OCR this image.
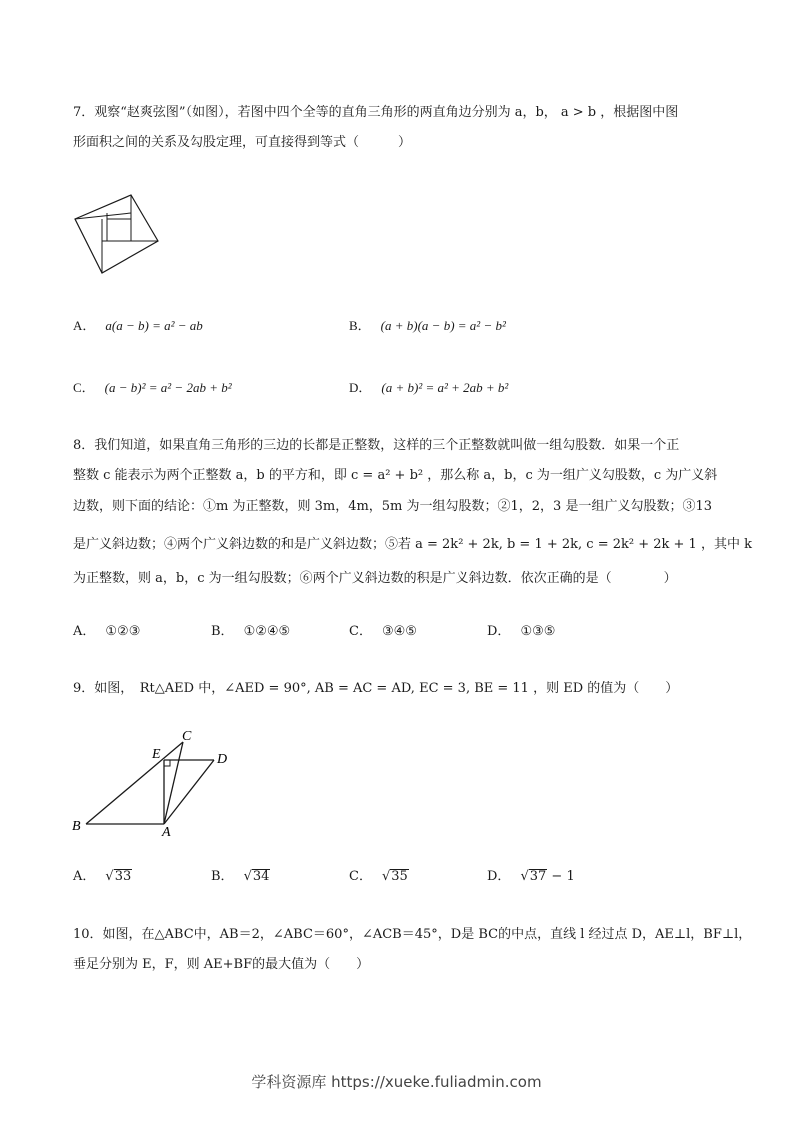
7．观察“赵爽弦图”（如图），若图中四个全等的直角三角形的两直角边分别为 a，b， a > b ，根据图中图
形面积之间的关系及勾股定理，可直接得到等式（　　　）
A． a(a − b) = a² − ab	B． (a + b)(a − b) = a² − b²
C． (a − b)² = a² − 2ab + b²	D． (a + b)² = a² + 2ab + b²
8．我们知道，如果直角三角形的三边的长都是正整数，这样的三个正整数就叫做一组勾股数．如果一个正
整数 c 能表示为两个正整数 a，b 的平方和，即 c = a² + b² ，那么称 a，b，c 为一组广义勾股数，c 为广义斜
边数，则下面的结论：①m 为正整数，则 3m，4m，5m 为一组勾股数；②1，2，3 是一组广义勾股数；③13
是广义斜边数；④两个广义斜边数的和是广义斜边数；⑤若 a = 2k² + 2k, b = 1 + 2k, c = 2k² + 2k + 1 ，其中 k
为正整数，则 a，b，c 为一组勾股数；⑥两个广义斜边数的积是广义斜边数．依次正确的是（　　　　）
A． ①②③	B． ①②④⑤	C． ③④⑤	D． ①③⑤
9．如图，　Rt△AED 中，∠AED = 90°, AB = AC = AD, EC = 3, BE = 11 ，则 ED 的值为（　　）
C
E	D
B	A
A． √33	B． √34	C． √35	D． √37 − 1
10．如图，在△ABC中，AB＝2，∠ABC＝60°，∠ACB＝45°，D是 BC的中点，直线 l 经过点 D，AE⊥l，BF⊥l，
垂足分别为 E，F，则 AE+BF的最大值为（　　）
学科资源库 https://xueke.fuliadmin.com
